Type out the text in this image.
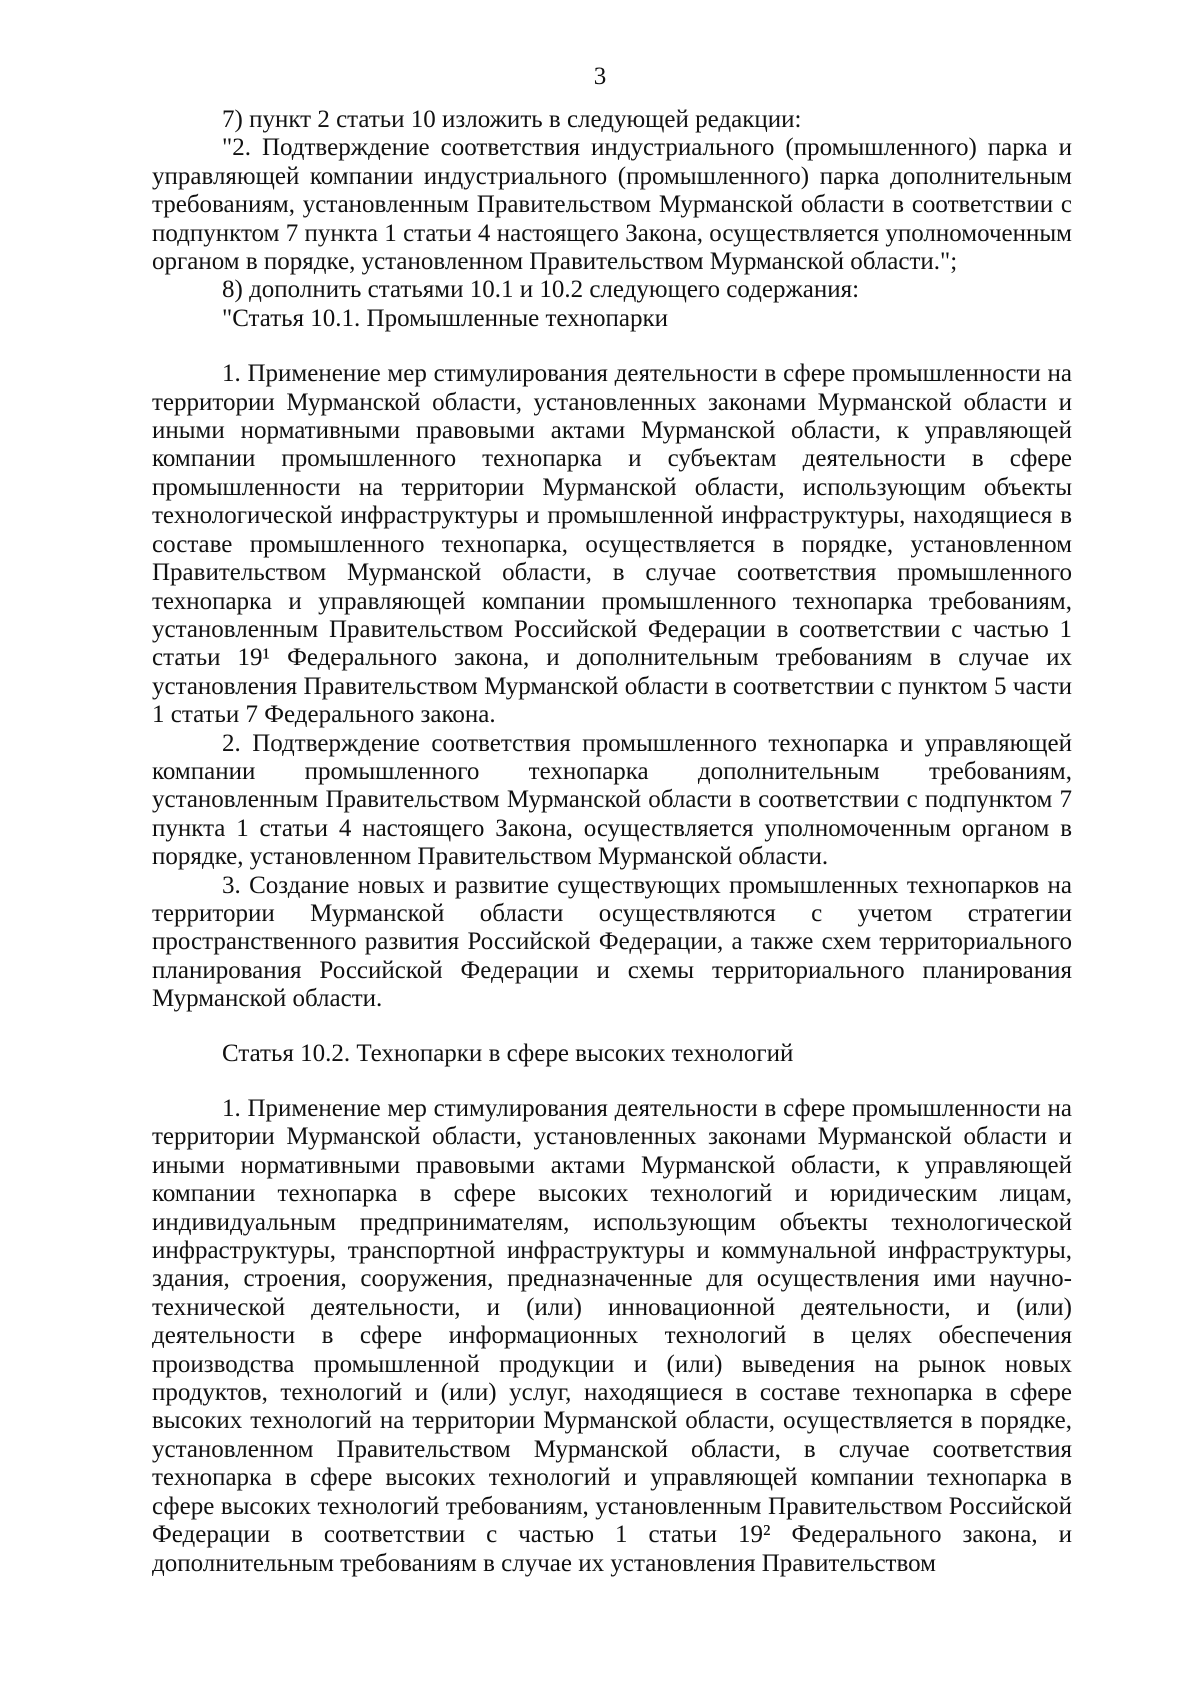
3

7) пункт 2 статьи 10 изложить в следующей редакции:

"2. Подтверждение соответствия индустриального (промышленного) парка и управляющей компании индустриального (промышленного) парка дополнительным требованиям, установленным Правительством Мурманской области в соответствии с подпунктом 7 пункта 1 статьи 4 настоящего Закона, осуществляется уполномоченным органом в порядке, установленном Правительством Мурманской области.";

8) дополнить статьями 10.1 и 10.2 следующего содержания:

"Статья 10.1. Промышленные технопарки

1. Применение мер стимулирования деятельности в сфере промышленности на территории Мурманской области, установленных законами Мурманской области и иными нормативными правовыми актами Мурманской области, к управляющей компании промышленного технопарка и субъектам деятельности в сфере промышленности на территории Мурманской области, использующим объекты технологической инфраструктуры и промышленной инфраструктуры, находящиеся в составе промышленного технопарка, осуществляется в порядке, установленном Правительством Мурманской области, в случае соответствия промышленного технопарка и управляющей компании промышленного технопарка требованиям, установленным Правительством Российской Федерации в соответствии с частью 1 статьи 19¹ Федерального закона, и дополнительным требованиям в случае их установления Правительством Мурманской области в соответствии с пунктом 5 части 1 статьи 7 Федерального закона.

2. Подтверждение соответствия промышленного технопарка и управляющей компании промышленного технопарка дополнительным требованиям, установленным Правительством Мурманской области в соответствии с подпунктом 7 пункта 1 статьи 4 настоящего Закона, осуществляется уполномоченным органом в порядке, установленном Правительством Мурманской области.

3. Создание новых и развитие существующих промышленных технопарков на территории Мурманской области осуществляются с учетом стратегии пространственного развития Российской Федерации, а также схем территориального планирования Российской Федерации и схемы территориального планирования Мурманской области.

Статья 10.2. Технопарки в сфере высоких технологий

1. Применение мер стимулирования деятельности в сфере промышленности на территории Мурманской области, установленных законами Мурманской области и иными нормативными правовыми актами Мурманской области, к управляющей компании технопарка в сфере высоких технологий и юридическим лицам, индивидуальным предпринимателям, использующим объекты технологической инфраструктуры, транспортной инфраструктуры и коммунальной инфраструктуры, здания, строения, сооружения, предназначенные для осуществления ими научно-технической деятельности, и (или) инновационной деятельности, и (или) деятельности в сфере информационных технологий в целях обеспечения производства промышленной продукции и (или) выведения на рынок новых продуктов, технологий и (или) услуг, находящиеся в составе технопарка в сфере высоких технологий на территории Мурманской области, осуществляется в порядке, установленном Правительством Мурманской области, в случае соответствия технопарка в сфере высоких технологий и управляющей компании технопарка в сфере высоких технологий требованиям, установленным Правительством Российской Федерации в соответствии с частью 1 статьи 19² Федерального закона, и дополнительным требованиям в случае их установления Правительством
